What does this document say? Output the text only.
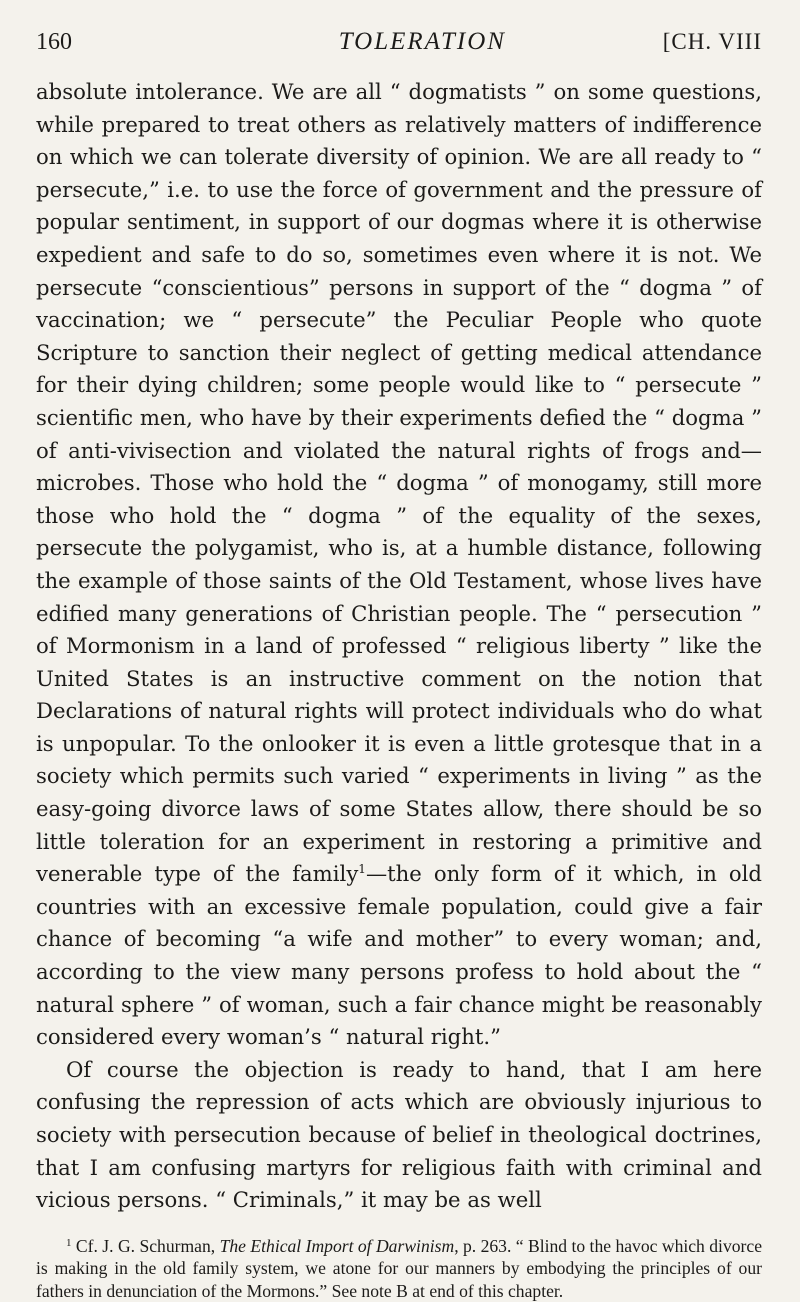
160	TOLERATION	[CH. VIII

absolute intolerance. We are all “ dogmatists ” on some questions, while prepared to treat others as relatively matters of indifference on which we can tolerate diversity of opinion. We are all ready to “ persecute,” i.e. to use the force of government and the pressure of popular sentiment, in support of our dogmas where it is otherwise expedient and safe to do so, sometimes even where it is not. We persecute “conscientious” persons in support of the “ dogma ” of vaccination; we “ persecute” the Peculiar People who quote Scripture to sanction their neglect of getting medical attendance for their dying children; some people would like to “ persecute ” scientific men, who have by their experiments defied the “ dogma ” of anti-vivisection and violated the natural rights of frogs and—microbes. Those who hold the “ dogma ” of monogamy, still more those who hold the “ dogma ” of the equality of the sexes, persecute the polygamist, who is, at a humble distance, following the example of those saints of the Old Testament, whose lives have edified many generations of Christian people. The “ persecution ” of Mormonism in a land of professed “ religious liberty ” like the United States is an instructive comment on the notion that Declarations of natural rights will protect individuals who do what is unpopular. To the onlooker it is even a little grotesque that in a society which permits such varied “ experiments in living ” as the easy-going divorce laws of some States allow, there should be so little toleration for an experiment in restoring a primitive and venerable type of the family$^1$—the only form of it which, in old countries with an excessive female population, could give a fair chance of becoming “a wife and mother” to every woman; and, according to the view many persons profess to hold about the “ natural sphere ” of woman, such a fair chance might be reasonably considered every woman’s “ natural right.”

Of course the objection is ready to hand, that I am here confusing the repression of acts which are obviously injurious to society with persecution because of belief in theological doctrines, that I am confusing martyrs for religious faith with criminal and vicious persons. “ Criminals,” it may be as well

$^1$ Cf. J. G. Schurman, The Ethical Import of Darwinism, p. 263. “ Blind to the havoc which divorce is making in the old family system, we atone for our manners by embodying the principles of our fathers in denunciation of the Mormons.” See note B at end of this chapter.
